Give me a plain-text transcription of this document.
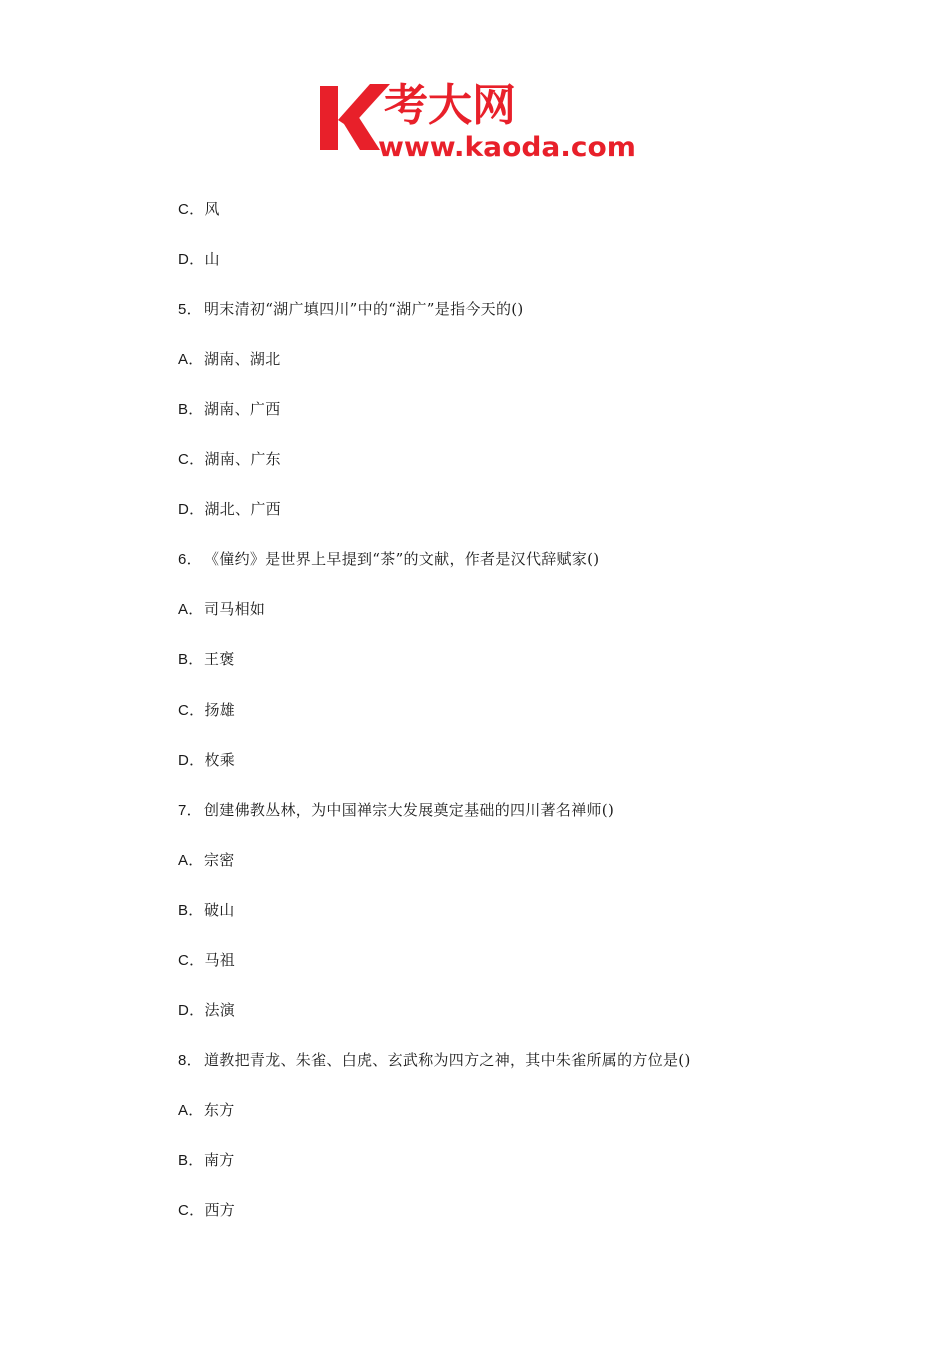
考大网
www.kaoda.com
C．风
D．山
5． 明末清初“湖广填四川”中的“湖广”是指今天的()
A．湖南、湖北
B．湖南、广西
C．湖南、广东
D．湖北、广西
6． 《僮约》是世界上早提到“茶”的文献，作者是汉代辞赋家()
A．司马相如
B．王褒
C．扬雄
D．枚乘
7． 创建佛教丛林，为中国禅宗大发展奠定基础的四川著名禅师()
A．宗密
B．破山
C．马祖
D．法演
8． 道教把青龙、朱雀、白虎、玄武称为四方之神，其中朱雀所属的方位是()
A．东方
B．南方
C．西方
